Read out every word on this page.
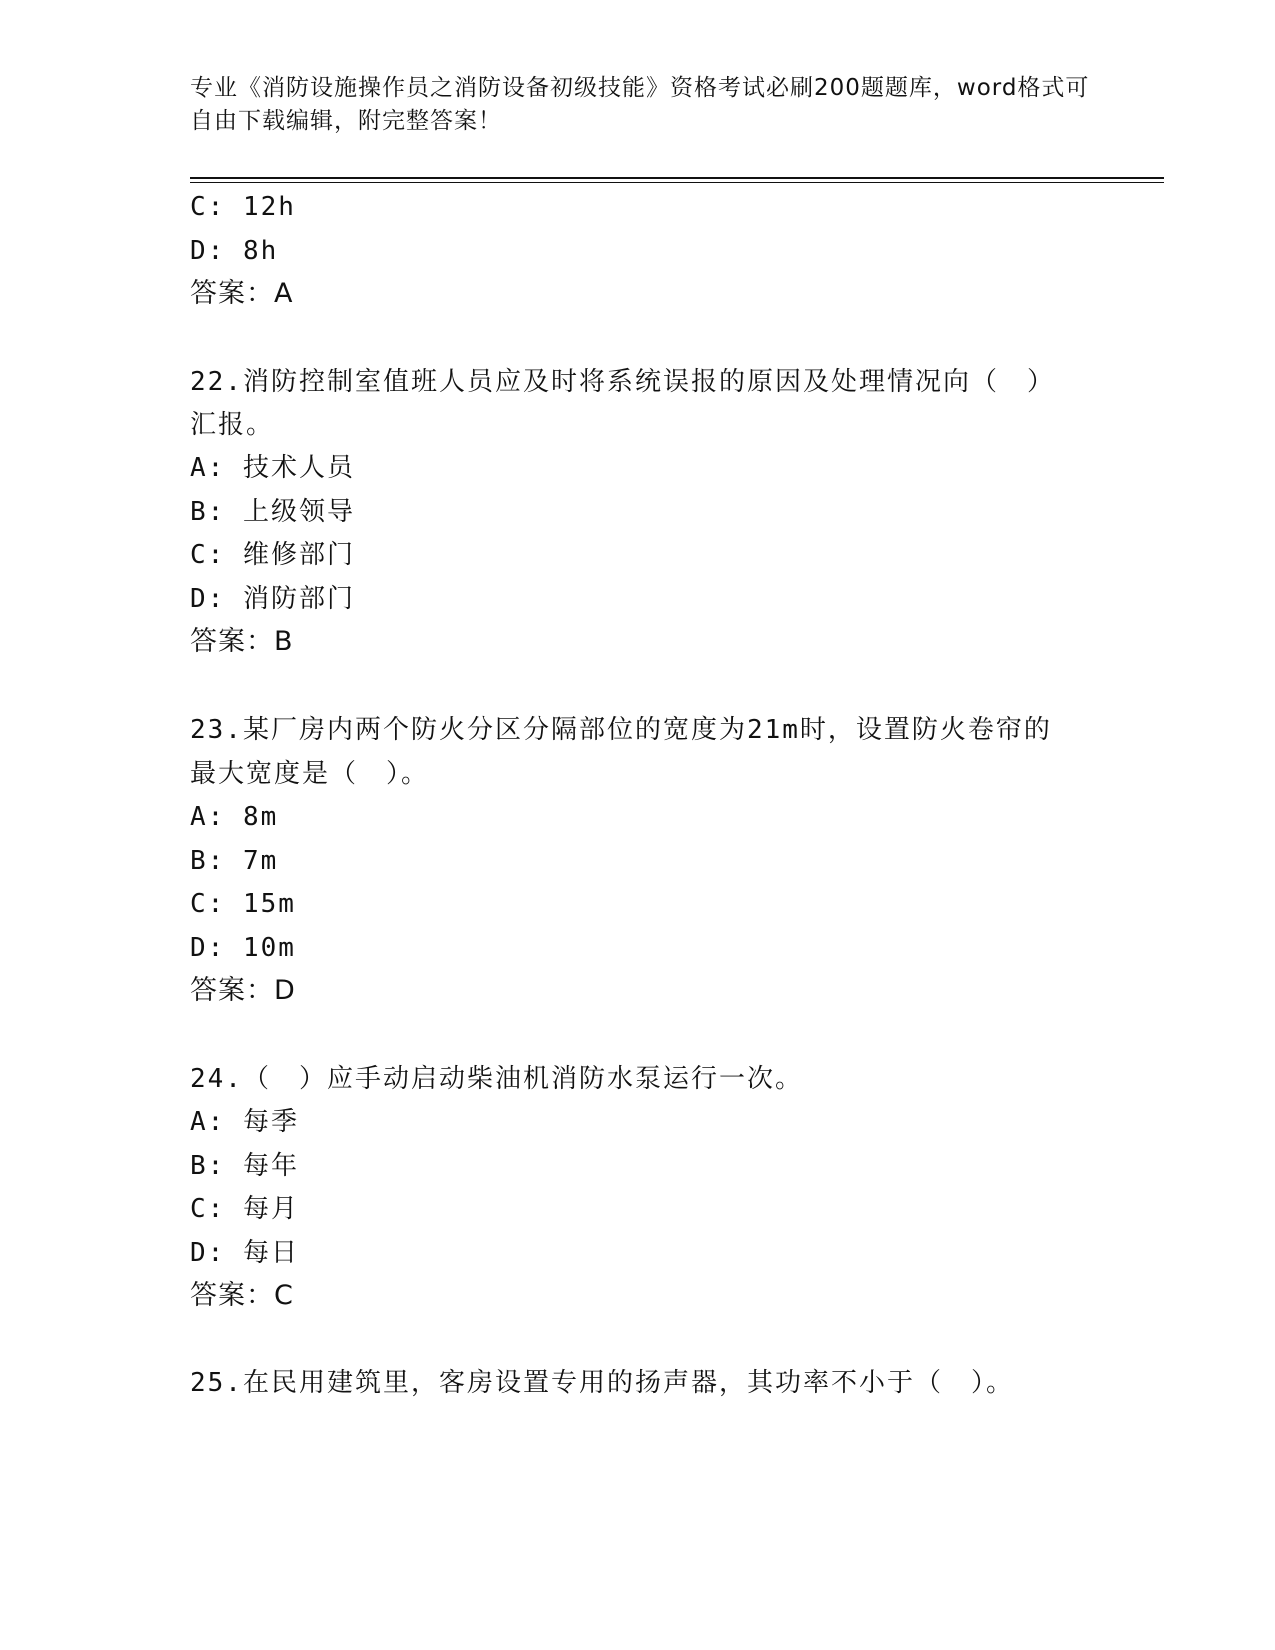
专业《消防设施操作员之消防设备初级技能》资格考试必刷200题题库，word格式可自由下载编辑，附完整答案！
C: 12h
D: 8h
答案：A
22.消防控制室值班人员应及时将系统误报的原因及处理情况向（　）
汇报。
A: 技术人员
B: 上级领导
C: 维修部门
D: 消防部门
答案：B
23.某厂房内两个防火分区分隔部位的宽度为21m时，设置防火卷帘的
最大宽度是（　）。
A: 8m
B: 7m
C: 15m
D: 10m
答案：D
24.（　）应手动启动柴油机消防水泵运行一次。
A: 每季
B: 每年
C: 每月
D: 每日
答案：C
25.在民用建筑里，客房设置专用的扬声器，其功率不小于（　）。
